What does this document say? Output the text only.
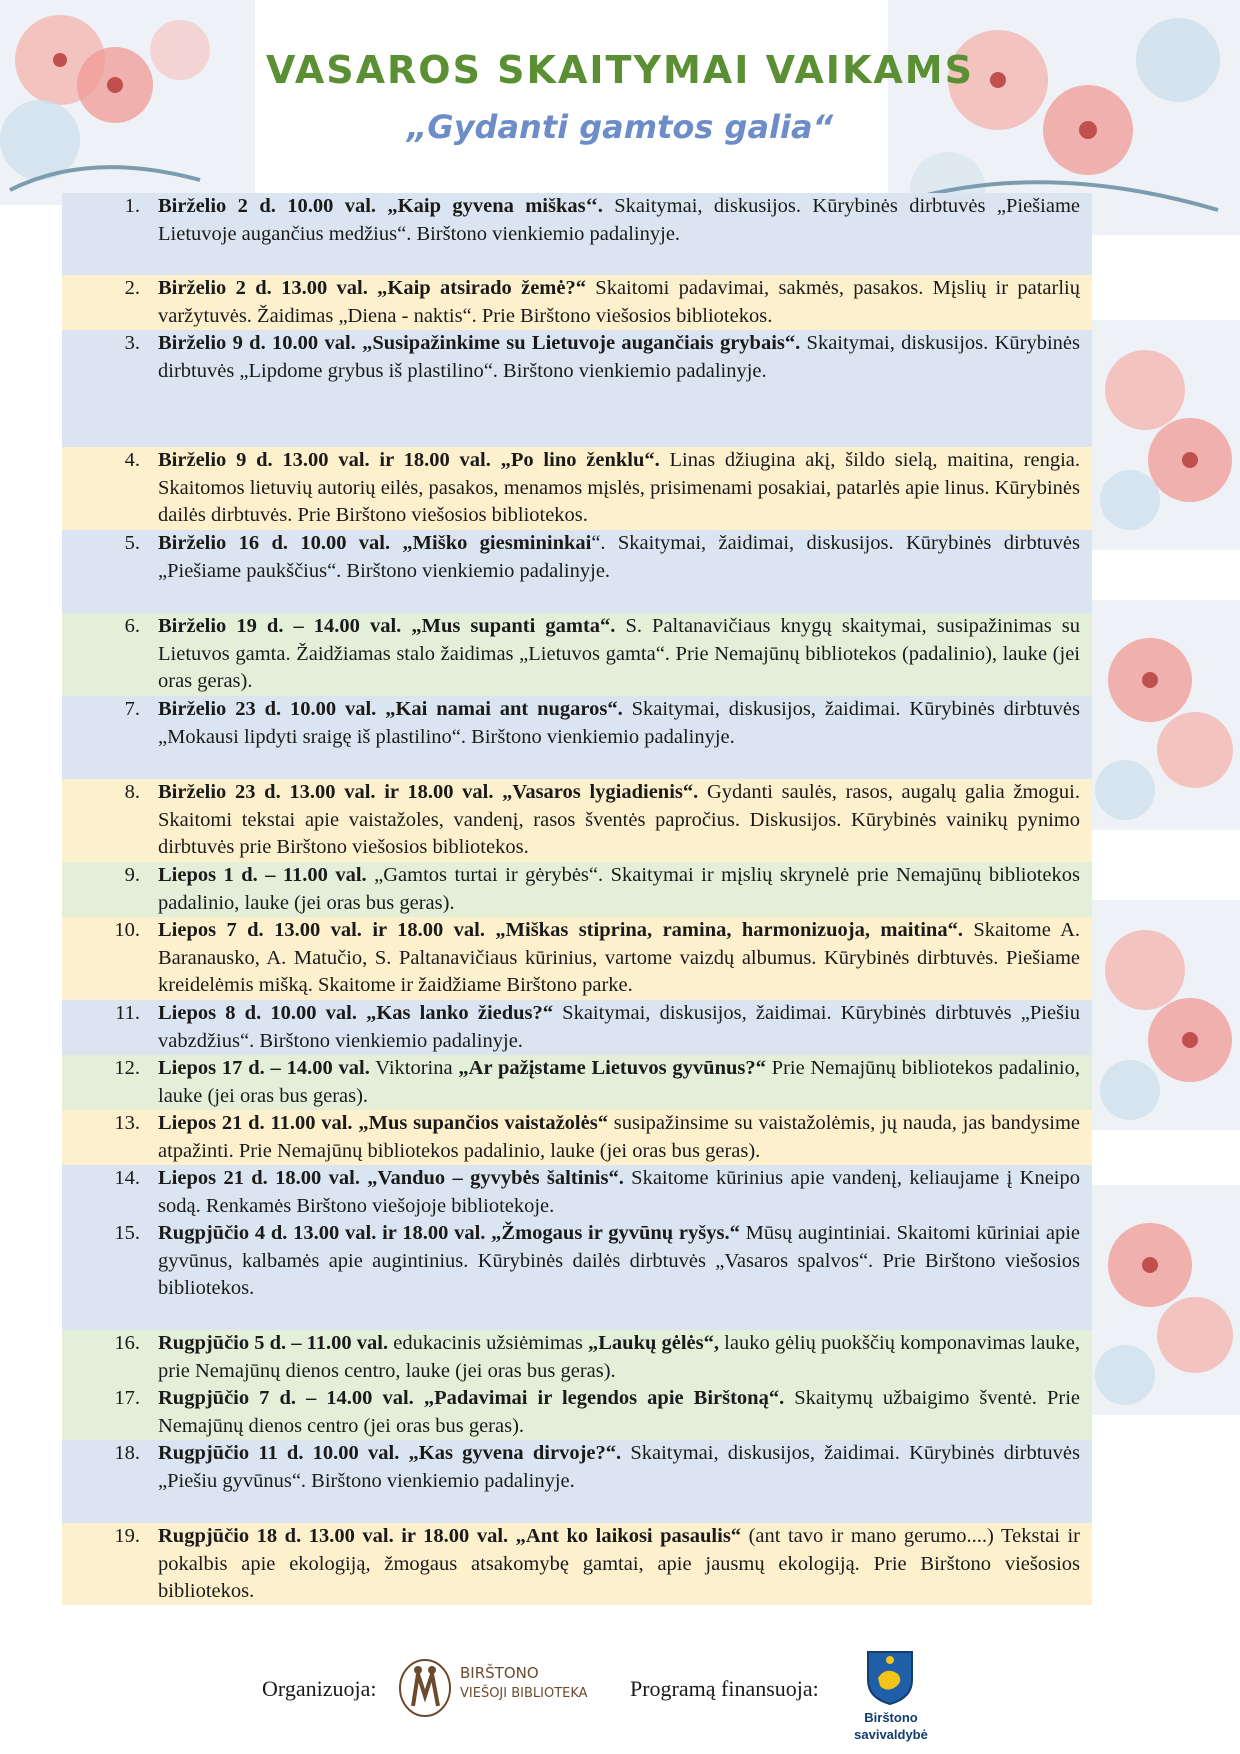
VASAROS SKAITYMAI VAIKAMS
„Gydanti gamtos galia“
1. Birželio 2 d. 10.00 val. „Kaip gyvena miškas‘‘. Skaitymai, diskusijos. Kūrybinės dirbtuvės „Piešiame Lietuvoje augančius medžius“. Birštono vienkiemio padalinyje.
2. Birželio 2 d. 13.00 val. „Kaip atsirado žemė?“ Skaitomi padavimai, sakmės, pasakos. Mįslių ir patarlių varžytuvės. Žaidimas „Diena - naktis“. Prie Birštono viešosios bibliotekos.
3. Birželio 9 d. 10.00 val. „Susipažinkime su Lietuvoje augančiais grybais“. Skaitymai, diskusijos. Kūrybinės dirbtuvės „Lipdome grybus iš plastilino“. Birštono vienkiemio padalinyje.
4. Birželio 9 d. 13.00 val. ir 18.00 val. „Po lino ženklu“. Linas džiugina akį, šildo sielą, maitina, rengia. Skaitomos lietuvių autorių eilės, pasakos, menamos mįslės, prisimenami posakiai, patarlės apie linus. Kūrybinės dailės dirbtuvės. Prie Birštono viešosios bibliotekos.
5. Birželio 16 d. 10.00 val. „Miško giesmininkai“. Skaitymai, žaidimai, diskusijos. Kūrybinės dirbtuvės „Piešiame paukščius“. Birštono vienkiemio padalinyje.
6. Birželio 19 d. – 14.00 val. „Mus supanti gamta“. S. Paltanavičiaus knygų skaitymai, susipažinimas su Lietuvos gamta. Žaidžiamas stalo žaidimas „Lietuvos gamta“. Prie Nemajūnų bibliotekos (padalinio), lauke (jei oras geras).
7. Birželio 23 d. 10.00 val. „Kai namai ant nugaros“. Skaitymai, diskusijos, žaidimai. Kūrybinės dirbtuvės „Mokausi lipdyti sraigę iš plastilino“. Birštono vienkiemio padalinyje.
8. Birželio 23 d. 13.00 val. ir 18.00 val. „Vasaros lygiadienis“. Gydanti saulės, rasos, augalų galia žmogui. Skaitomi tekstai apie vaistažoles, vandenį, rasos šventės papročius. Diskusijos. Kūrybinės vainikų pynimo dirbtuvės prie Birštono viešosios bibliotekos.
9. Liepos 1 d. – 11.00 val. „Gamtos turtai ir gėrybės“. Skaitymai ir mįslių skrynelė prie Nemajūnų bibliotekos padalinio, lauke (jei oras bus geras).
10. Liepos 7 d. 13.00 val. ir 18.00 val. „Miškas stiprina, ramina, harmonizuoja, maitina“. Skaitome A. Baranausko, A. Matučio, S. Paltanavičiaus kūrinius, vartome vaizdų albumus. Kūrybinės dirbtuvės. Piešiame kreidelėmis mišką. Skaitome ir žaidžiame Birštono parke.
11. Liepos 8 d. 10.00 val. „Kas lanko žiedus?“ Skaitymai, diskusijos, žaidimai. Kūrybinės dirbtuvės „Piešiu vabzdžius“. Birštono vienkiemio padalinyje.
12. Liepos 17 d. – 14.00 val. Viktorina „Ar pažįstame Lietuvos gyvūnus?“ Prie Nemajūnų bibliotekos padalinio, lauke (jei oras bus geras).
13. Liepos 21 d. 11.00 val. „Mus supančios vaistažolės“ susipažinsime su vaistažolėmis, jų nauda, jas bandysime atpažinti. Prie Nemajūnų bibliotekos padalinio, lauke (jei oras bus geras).
14. Liepos 21 d. 18.00 val. „Vanduo – gyvybės šaltinis“. Skaitome kūrinius apie vandenį, keliaujame į Kneipo sodą. Renkamės Birštono viešojoje bibliotekoje.
15. Rugpjūčio 4 d. 13.00 val. ir 18.00 val. „Žmogaus ir gyvūnų ryšys.“ Mūsų augintiniai. Skaitomi kūriniai apie gyvūnus, kalbamės apie augintinius. Kūrybinės dailės dirbtuvės „Vasaros spalvos“. Prie Birštono viešosios bibliotekos.
16. Rugpjūčio 5 d. – 11.00 val. edukacinis užsiėmimas „Laukų gėlės“, lauko gėlių puokščių komponavimas lauke, prie Nemajūnų dienos centro, lauke (jei oras bus geras).
17. Rugpjūčio 7 d. – 14.00 val. „Padavimai ir legendos apie Birštoną“. Skaitymų užbaigimo šventė. Prie Nemajūnų dienos centro (jei oras bus geras).
18. Rugpjūčio 11 d. 10.00 val. „Kas gyvena dirvoje?“. Skaitymai, diskusijos, žaidimai. Kūrybinės dirbtuvės „Piešiu gyvūnus“. Birštono vienkiemio padalinyje.
19. Rugpjūčio 18 d. 13.00 val. ir 18.00 val. „Ant ko laikosi pasaulis“ (ant tavo ir mano gerumo....) Tekstai ir pokalbis apie ekologiją, žmogaus atsakomybę gamtai, apie jausmų ekologiją. Prie Birštono viešosios bibliotekos.
Organizuoja:
BIRŠTONO
VIEŠOJI BIBLIOTEKA Programą finansuoja:
Birštono
savivaldybė
